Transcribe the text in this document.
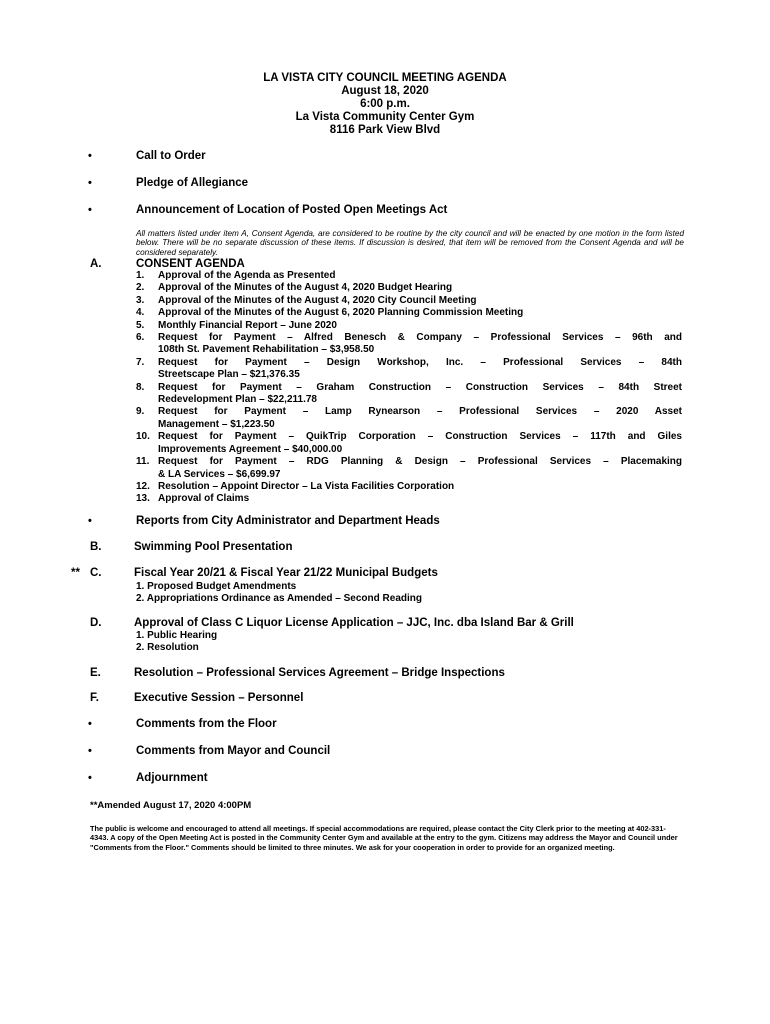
LA VISTA CITY COUNCIL MEETING AGENDA
August 18, 2020
6:00 p.m.
La Vista Community Center Gym
8116 Park View Blvd
•	Call to Order
•	Pledge of Allegiance
•	Announcement of Location of Posted Open Meetings Act
All matters listed under item A, Consent Agenda, are considered to be routine by the city council and will be enacted by one motion in the form listed below. There will be no separate discussion of these items. If discussion is desired, that item will be removed from the Consent Agenda and will be considered separately.
A.	CONSENT AGENDA
1. Approval of the Agenda as Presented
2. Approval of the Minutes of the August 4, 2020 Budget Hearing
3. Approval of the Minutes of the August 4, 2020 City Council Meeting
4. Approval of the Minutes of the August 6, 2020 Planning Commission Meeting
5. Monthly Financial Report – June 2020
6. Request for Payment – Alfred Benesch & Company – Professional Services – 96th and
108th St. Pavement Rehabilitation – $3,958.50
7. Request for Payment – Design Workshop, Inc. – Professional Services – 84th
Streetscape Plan – $21,376.35
8. Request for Payment – Graham Construction – Construction Services – 84th Street
Redevelopment Plan – $22,211.78
9. Request for Payment – Lamp Rynearson – Professional Services – 2020 Asset
Management – $1,223.50
10. Request for Payment – QuikTrip Corporation – Construction Services – 117th and Giles
Improvements Agreement – $40,000.00
11. Request for Payment – RDG Planning & Design – Professional Services – Placemaking
& LA Services – $6,699.97
12. Resolution – Appoint Director – La Vista Facilities Corporation
13. Approval of Claims
•	Reports from City Administrator and Department Heads
B.	Swimming Pool Presentation
** C.	Fiscal Year 20/21 & Fiscal Year 21/22 Municipal Budgets
1. Proposed Budget Amendments
2. Appropriations Ordinance as Amended – Second Reading
D.	Approval of Class C Liquor License Application – JJC, Inc. dba Island Bar & Grill
1. Public Hearing
2. Resolution
E.	Resolution – Professional Services Agreement – Bridge Inspections
F.	Executive Session – Personnel
•	Comments from the Floor
•	Comments from Mayor and Council
•	Adjournment
**Amended August 17, 2020 4:00PM
The public is welcome and encouraged to attend all meetings. If special accommodations are required, please contact the City Clerk prior to the meeting at 402-331-4343. A copy of the Open Meeting Act is posted in the Community Center Gym and available at the entry to the gym. Citizens may address the Mayor and Council under "Comments from the Floor." Comments should be limited to three minutes. We ask for your cooperation in order to provide for an organized meeting.
